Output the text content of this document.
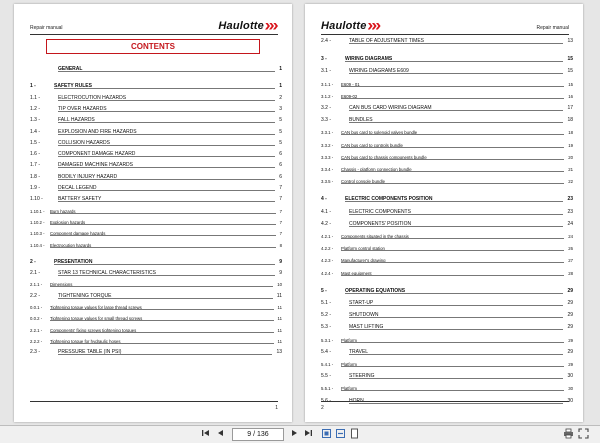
Repair manual	Haulotte
CONTENTS
GENERAL	1
1 -	SAFETY RULES	1
1.1 -	ELECTROCUTION HAZARDS	2
1.2 -	TIP OVER HAZARDS	3
1.3 -	FALL HAZARDS	5
1.4 -	EXPLOSION AND FIRE HAZARDS	5
1.5 -	COLLISION HAZARDS	5
1.6 -	COMPONENT DAMAGE HAZARD	6
1.7 -	DAMAGED MACHINE HAZARDS	6
1.8 -	BODILY INJURY HAZARD	6
1.9 -	DECAL LEGEND	7
1.10 -	BATTERY SAFETY	7
1.10.1 - Burn hazards	7
1.10.2 - Explosion hazards	7
1.10.3 - Component damage hazards	7
1.10.4 - Electrocution hazards	8
2 -	PRESENTATION	9
2.1 -	STAR 13 TECHNICAL CHARACTERISTICS	9
2.1.1 - Dimensions	10
2.2 -	TIGHTENING TORQUE	11
0.0.1 - Tightening torque values for large thread screws	11
0.0.2 - Tightening torque values for small thread screws	11
2.2.1 - Components' fixing screws tightening torques	11
2.2.2 - Tightening torque for hydraulic hoses	11
2.3 -	PRESSURE TABLE (IN PSI)	13
1
Haulotte	Repair manual
2.4 -	TABLE OF ADJUSTMENT TIMES	13
3 -	WIRING DIAGRAMS	15
3.1 -	WIRING DIAGRAMS E609	15
3.1.1 - E609 - 01	15
3.1.2 - E609-02	16
3.2 -	CAN BUS CARD WIRING DIAGRAM	17
3.3 -	BUNDLES	18
3.3.1 - CAN bus card to solenoid valves bundle	18
3.3.2 - CAN bus card to controls bundle	19
3.3.3 - CAN bus card to chassis components bundle	20
3.3.4 - Chassis - platform connection bundle	21
3.3.5 - Control console bundle	22
4 -	ELECTRIC COMPONENTS POSITION	23
4.1 -	ELECTRIC COMPONENTS	23
4.2 -	COMPONENTS' POSITION	24
4.2.1 - Components situated in the chassis	24
4.2.2 - Platform control station	26
4.2.3 - Manufacturer's drawing	27
4.2.4 - Mast equipment	28
5 -	OPERATING EQUATIONS	29
5.1 -	START-UP	29
5.2 -	SHUTDOWN	29
5.3 -	MAST LIFTING	29
5.3.1 - Platform	29
5.4 -	TRAVEL	29
5.4.1 - Platform	29
5.5 -	STEERING	30
5.5.1 - Platform	30
5.6 -	HORN	30
2
9 / 136
